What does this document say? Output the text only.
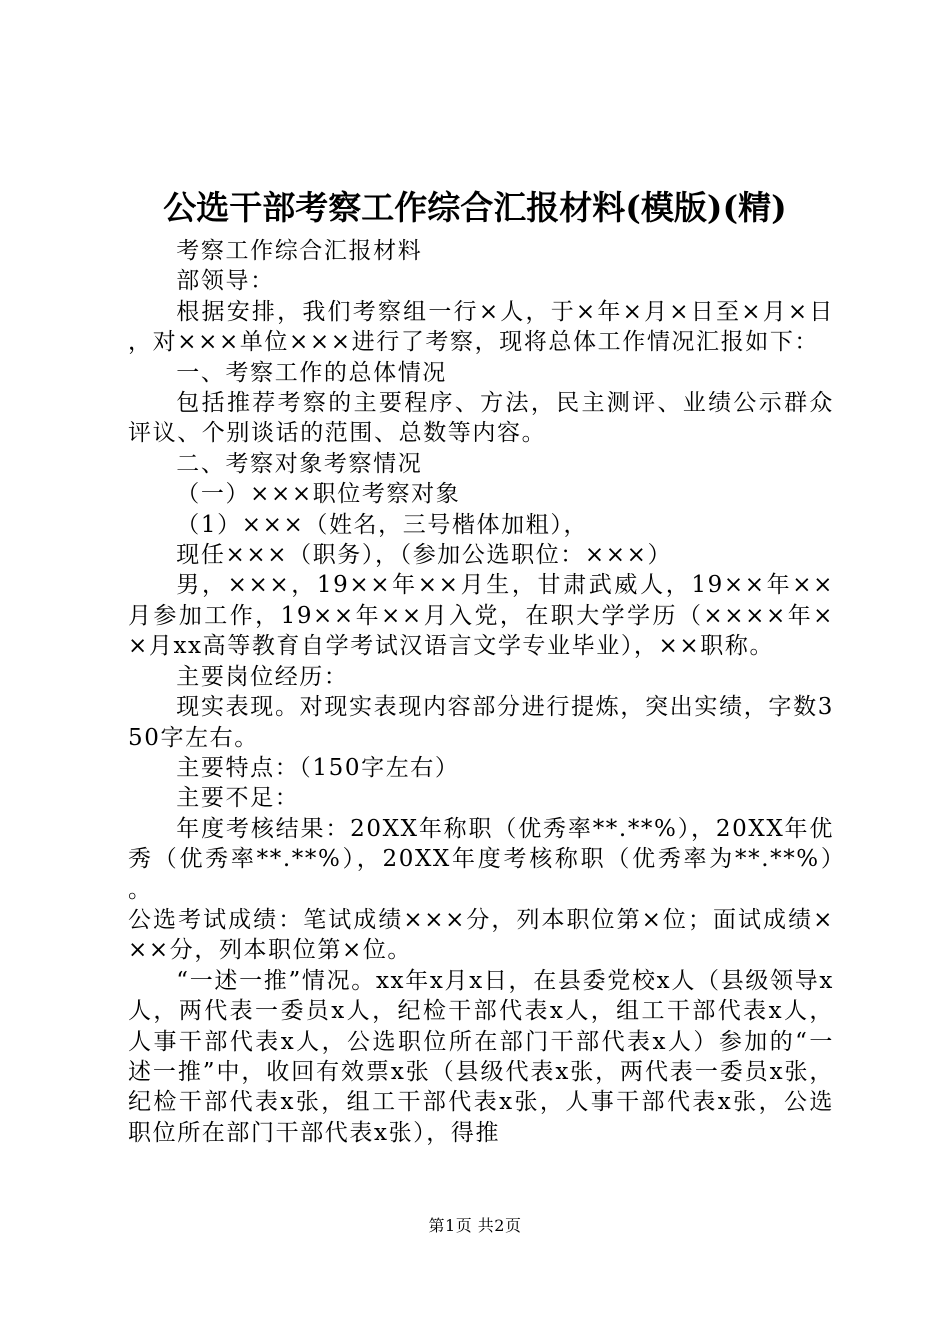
公选干部考察工作综合汇报材料(模版)(精)

考察工作综合汇报材料

部领导：

根据安排，我们考察组一行×人，于×年×月×日至×月×日，对×××单位×××进行了考察，现将总体工作情况汇报如下：

一、考察工作的总体情况

包括推荐考察的主要程序、方法，民主测评、业绩公示群众评议、个别谈话的范围、总数等内容。

二、考察对象考察情况

（一）×××职位考察对象

（1）×××（姓名，三号楷体加粗），

现任×××（职务），（参加公选职位：×××）

男，×××，19××年××月生，甘肃武威人，19××年××月参加工作，19××年××月入党，在职大学学历（××××年××月xx高等教育自学考试汉语言文学专业毕业），××职称。

主要岗位经历：

现实表现。对现实表现内容部分进行提炼，突出实绩，字数350字左右。

主要特点：（150字左右）

主要不足：

年度考核结果：20XX年称职（优秀率**.**%），20XX年优秀（优秀率**.**%），20XX年度考核称职（优秀率为**.**%）。

公选考试成绩：笔试成绩×××分，列本职位第×位；面试成绩×××分，列本职位第×位。

“一述一推”情况。xx年x月x日，在县委党校x人（县级领导x人，两代表一委员x人，纪检干部代表x人，组工干部代表x人，人事干部代表x人，公选职位所在部门干部代表x人）参加的“一述一推”中，收回有效票x张（县级代表x张，两代表一委员x张，纪检干部代表x张，组工干部代表x张，人事干部代表x张，公选职位所在部门干部代表x张），得推

第1页 共2页
